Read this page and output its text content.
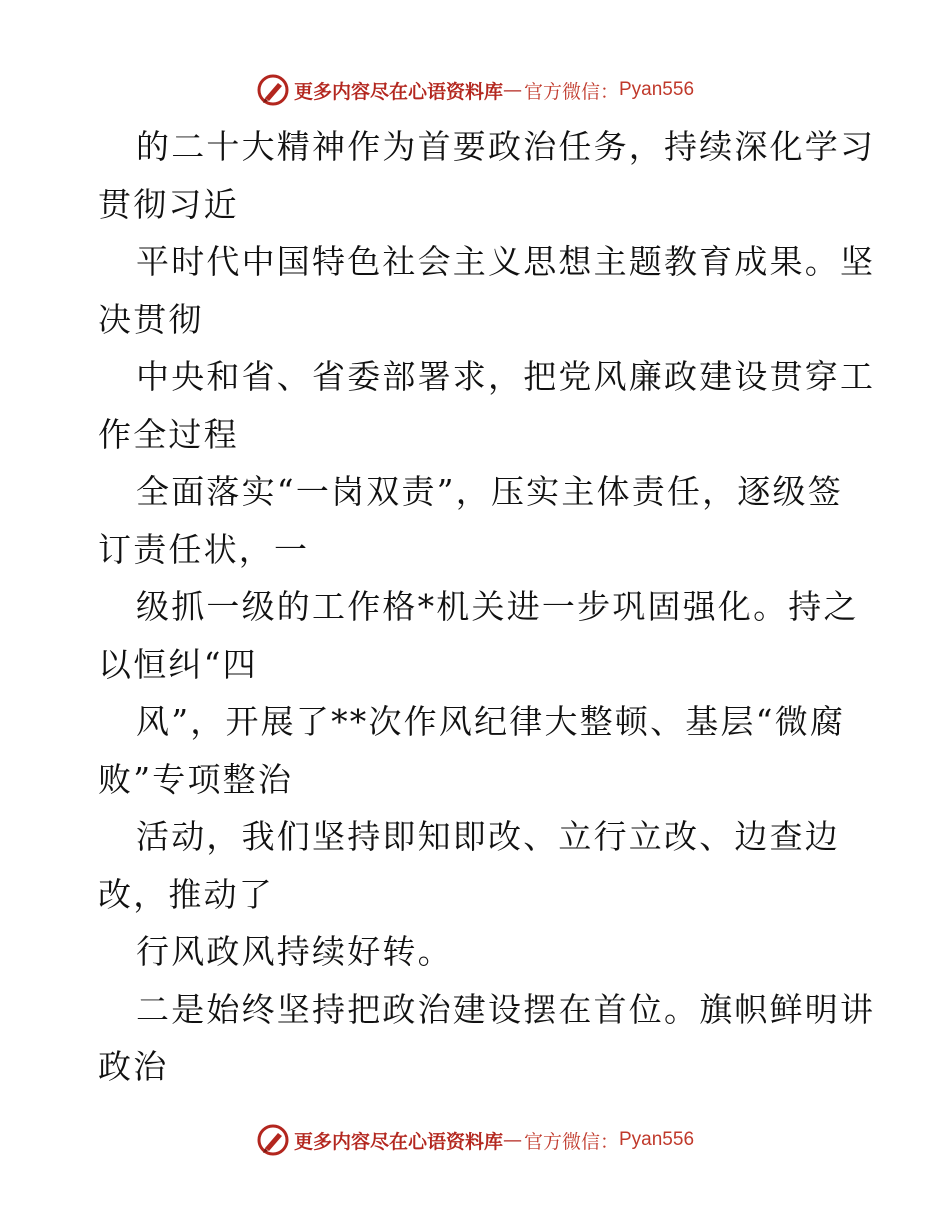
更多内容尽在心语资料库 — 官方微信： Pyan556
的二十大精神作为首要政治任务，持续深化学习
贯彻习近
平时代中国特色社会主义思想主题教育成果。坚
决贯彻
中央和省、省委部署求，把党风廉政建设贯穿工
作全过程
全面落实“一岗双责”，压实主体责任，逐级签
订责任状，一
级抓一级的工作格*机关进一步巩固强化。持之
以恒纠“四
风”，开展了**次作风纪律大整顿、基层“微腐
败”专项整治
活动，我们坚持即知即改、立行立改、边查边
改，推动了
行风政风持续好转。
二是始终坚持把政治建设摆在首位。旗帜鲜明讲
政治
更多内容尽在心语资料库 — 官方微信： Pyan556
